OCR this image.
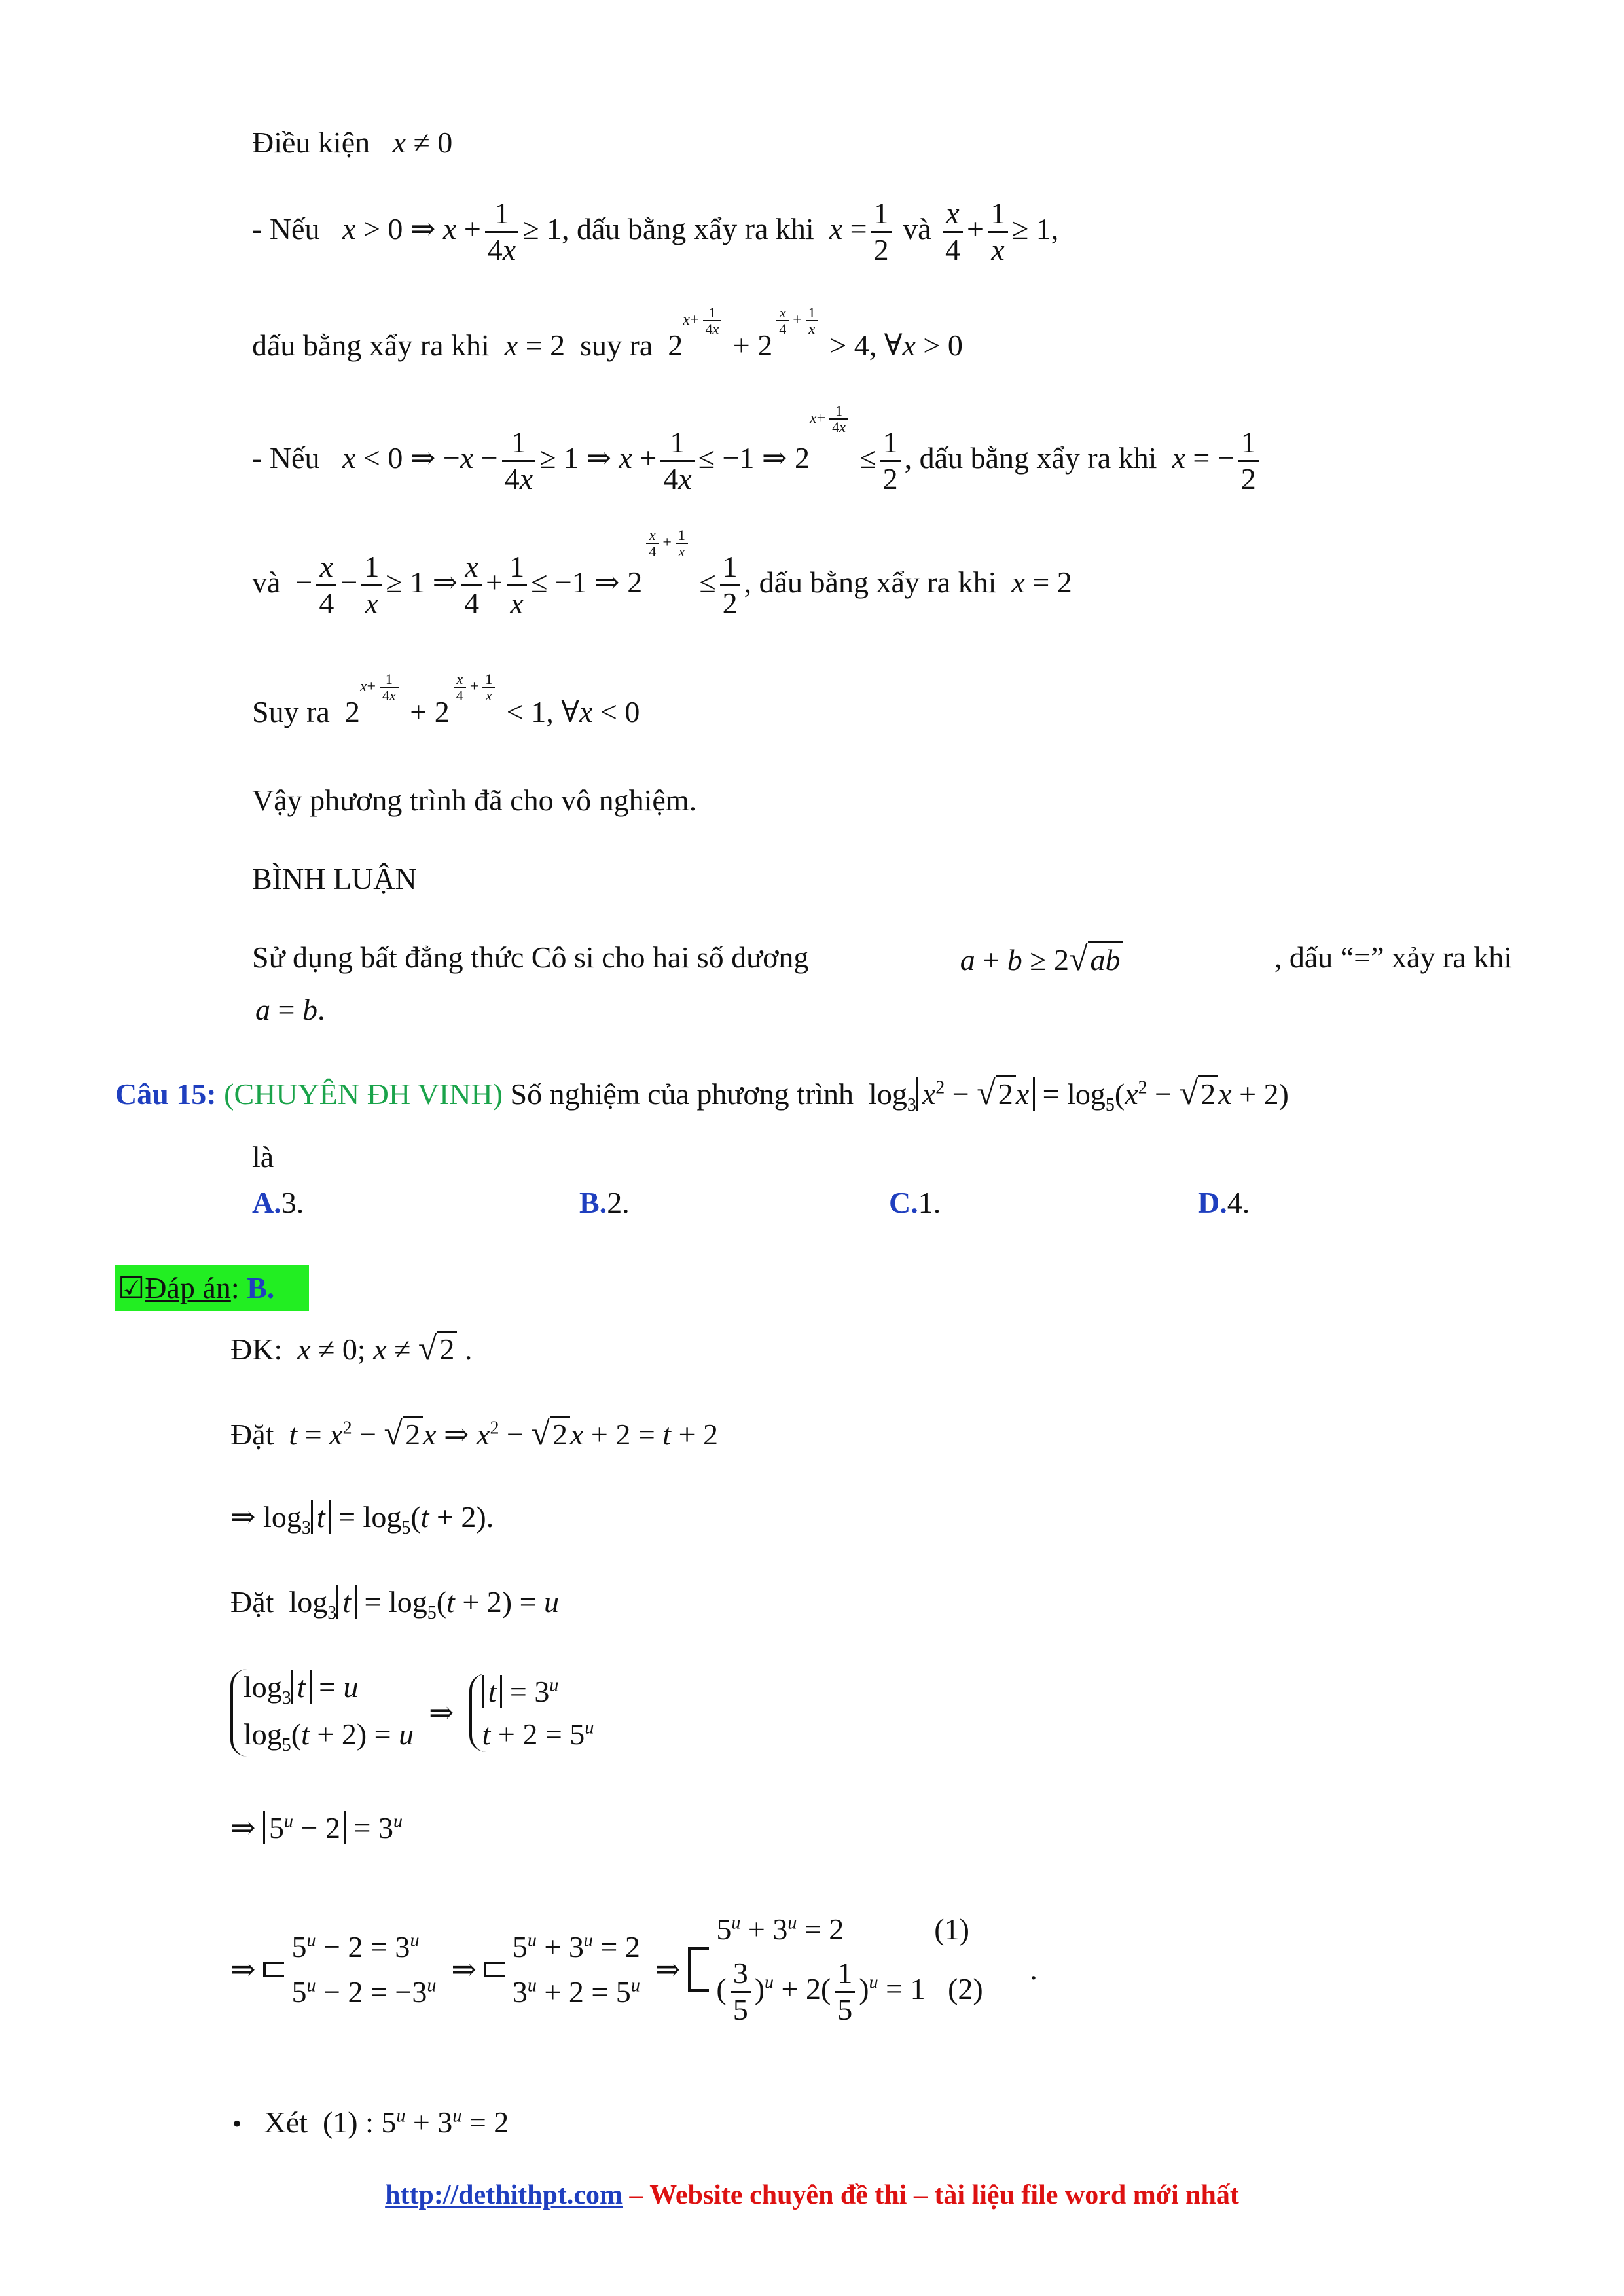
Điều kiện x ≠ 0
- Nếu x > 0 ⇒ $x + \frac{1}{4x} \ge 1$, dấu bằng xẩy ra khi $x = \frac{1}{2}$ và $\frac{x}{4} + \frac{1}{x} \ge 1$,
dấu bằng xẩy ra khi x = 2  suy ra  $2^{x+ \frac{1}{4x}}$
+ 2
$^{\frac{x}{4} + \frac{1}{x}}$
> 4, ∀x > 0
- Nếu x < 0 ⇒ $-x - \frac{1}{4x} \ge 1$ ⇒ $x + \frac{1}{4x} \le -1$ ⇒ $2^{x+ \frac{1}{4x}}$
≤ $\frac{1}{2}$ , dấu bằng xẩy ra khi x = − $\frac{1}{2}$
và  − $\frac{x}{4} - \frac{1}{x} \ge 1$ ⇒ $\frac{x}{4} + \frac{1}{x} \le -1$ ⇒ 2
$^{\frac{x}{4} + \frac{1}{x}}$
≤ $\frac{1}{2}$ , dấu bằng xẩy ra khi x = 2
Suy ra  $2^{x+ \frac{1}{4x}}$
+ 2
$^{\frac{x}{4} + \frac{1}{x}}$
< 1, ∀x < 0
Vậy phương trình đã cho vô nghiệm.
BÌNH LUẬN
Sử dụng bất đẳng thức Cô si cho hai số dương	a + b ≥ 2√ab	, dấu “=” xảy ra khi
a = b.
Câu 15: (CHUYÊN ĐH VINH) Số nghiệm của phương trình  $\log_3 x^2 - √2x = \log_5(x^2 - √2x + 2)$
là
A.3.	B.2.	C.1.	D.4.
☑Đáp án: B.
ĐK: x ≠ 0; x ≠ √2 .
Đặt $t = x^2 - √2x$ ⇒ $x^2 - √2x + 2 = t + 2$
⇒ $\log_3 t = \log_5(t + 2)$.
Đặt  $\log_3 t = \log_5(t + 2) = u$
$\log_3 t = u$
$\log_5(t + 2) = u$
⇒
$t = 3^u$
$t + 2 = 5^u$
⇒ $5^u - 2 = 3^u$
⇒
$5^u - 2 = 3^u$
$5^u - 2 = -3^u$ ⇒
$5^u + 3^u = 2$
$3^u + 2 = 5^u$ ⇒
$5^u + 3^u = 2$            (1)
( $\frac{3}{5} )^u + 2( \frac{1}{5} )^u = 1$   (2)
.
• Xét  (1) : $5^u + 3^u = 2$
http://dethithpt.com – Website chuyên đề thi – tài liệu file word mới nhất
